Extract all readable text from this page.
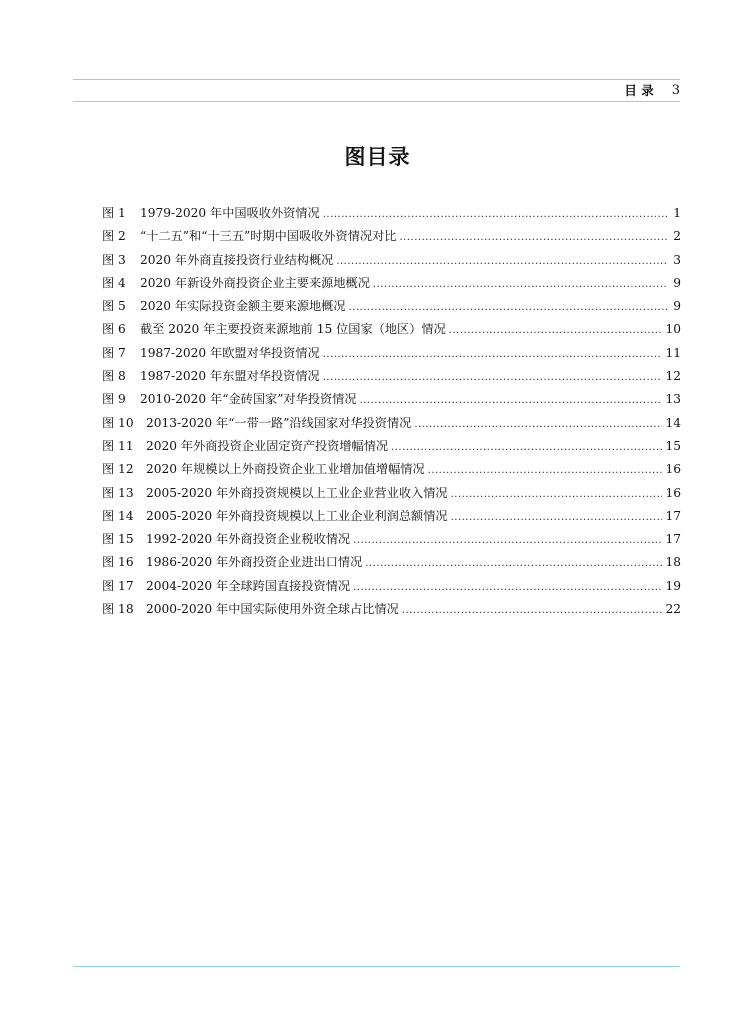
目 录 3
图目录
图 1	1979-2020 年中国吸收外资情况 .....	1
图 2	“十二五”和“十三五”时期中国吸收外资情况对比 .....	2
图 3	2020 年外商直接投资行业结构概况 .....	3
图 4	2020 年新设外商投资企业主要来源地概况 .....	9
图 5	2020 年实际投资金额主要来源地概况 .....	9
图 6	截至 2020 年主要投资来源地前 15 位国家（地区）情况 .....	10
图 7	1987-2020 年欧盟对华投资情况 .....	11
图 8	1987-2020 年东盟对华投资情况 .....	12
图 9	2010-2020 年“金砖国家”对华投资情况 .....	13
图 10	2013-2020 年“一带一路”沿线国家对华投资情况 .....	14
图 11	2020 年外商投资企业固定资产投资增幅情况 .....	15
图 12	2020 年规模以上外商投资企业工业增加值增幅情况 .....	16
图 13	2005-2020 年外商投资规模以上工业企业营业收入情况 .....	16
图 14	2005-2020 年外商投资规模以上工业企业利润总额情况 .....	17
图 15	1992-2020 年外商投资企业税收情况 .....	17
图 16	1986-2020 年外商投资企业进出口情况 .....	18
图 17	2004-2020 年全球跨国直接投资情况 .....	19
图 18	2000-2020 年中国实际使用外资全球占比情况 .....	22
